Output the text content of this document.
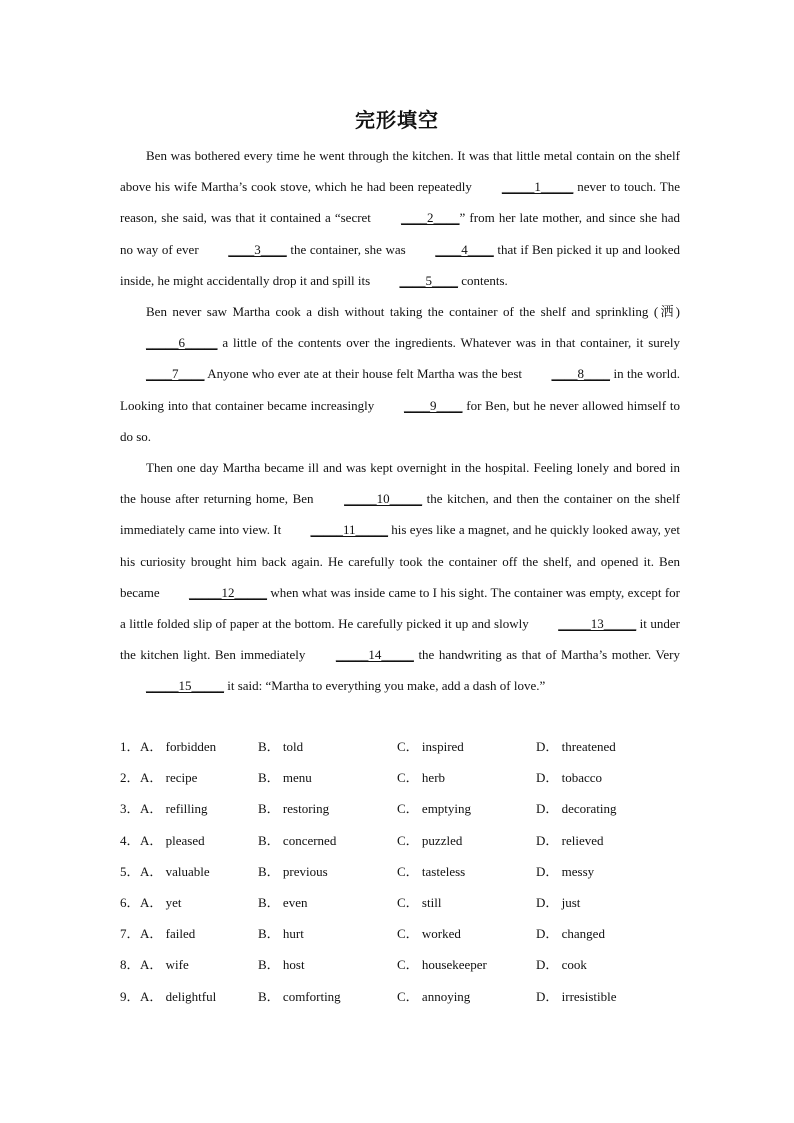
完形填空

Ben was bothered every time he went through the kitchen. It was that little metal contain on the shelf above his wife Martha’s cook stove, which he had been repeatedly _____1_____ never to touch. The reason, she said, was that it contained a “secret ____2____” from her late mother, and since she had no way of ever ____3____ the container, she was ____4____ that if Ben picked it up and looked inside, he might accidentally drop it and spill its ____5____ contents.

Ben never saw Martha cook a dish without taking the container of the shelf and sprinkling (洒) _____6_____ a little of the contents over the ingredients. Whatever was in that container, it surely ____7____ Anyone who ever ate at their house felt Martha was the best ____8____ in the world. Looking into that container became increasingly ____9____ for Ben, but he never allowed himself to do so.

Then one day Martha became ill and was kept overnight in the hospital. Feeling lonely and bored in the house after returning home, Ben _____10_____ the kitchen, and then the container on the shelf immediately came into view. It _____11_____ his eyes like a magnet, and he quickly looked away, yet his curiosity brought him back again. He carefully took the container off the shelf, and opened it. Ben became _____12_____ when what was inside came to I his sight. The container was empty, except for a little folded slip of paper at the bottom. He carefully picked it up and slowly _____13_____ it under the kitchen light. Ben immediately _____14_____ the handwriting as that of Martha’s mother. Very _____15_____ it said: “Martha to everything you make, add a dash of love.”

1． A． forbidden	B． told	C． inspired	D． threatened
2． A． recipe	B． menu	C． herb	D． tobacco
3． A． refilling	B． restoring	C． emptying	D． decorating
4． A． pleased	B． concerned	C． puzzled	D． relieved
5． A． valuable	B． previous	C． tasteless	D． messy
6． A． yet	B． even	C． still	D． just
7． A． failed	B． hurt	C． worked	D． changed
8． A． wife	B． host	C． housekeeper	D． cook
9． A． delightful	B． comforting	C． annoying	D． irresistible
